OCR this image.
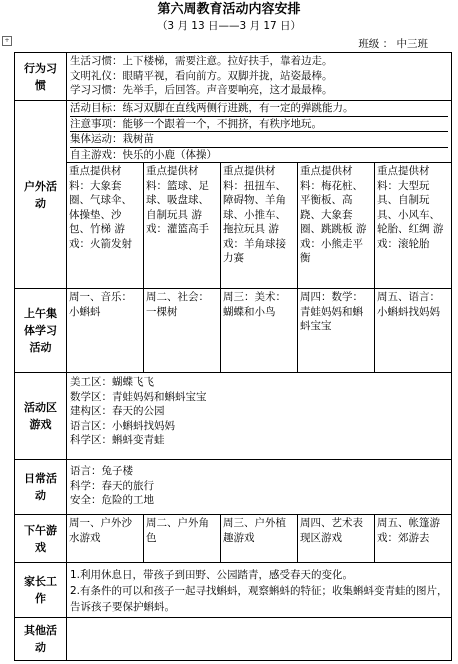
第六周教育活动内容安排
（3 月 13 日——3 月 17 日）
+	班级 ： 中三班
行为习惯

生活习惯：上下楼梯，需要注意。拉好扶手，靠着边走。

文明礼仪：眼睛平视，看向前方。双脚并拢，站姿最棒。

学习习惯：先举手，后回答。声音要响亮，这才最最棒。

户外活动

活动目标：练习双脚在直线两侧行进跳，有一定的弹跳能力。

注意事项：能够一个跟着一个，不拥挤，有秩序地玩。

集体运动：栽树苗

自主游戏：快乐的小鹿（体操）

重点提供材料：大象套圈、气球伞、体操垫、沙包、竹梯 游戏：火箭发射
重点提供材料：篮球、足球、吸盘球、自制玩具 游戏：灌篮高手
重点提供材料：扭扭车、障碍物、羊角球、小推车、拖拉玩具 游戏：羊角球接力赛
重点提供材料：梅花桩、平衡板、高跷、大象套圈、跳跳板 游戏：小熊走平衡
重点提供材料：大型玩具、自制玩具、小风车、轮胎、红绸 游戏：滚轮胎
上午集体学习活动
周一、音乐：小蝌蚪
周二、社会：一棵树
周三：美术：蝴蝶和小鸟
周四：数学：青蛙妈妈和蝌蚪宝宝
周五、语言：小蝌蚪找妈妈
活动区游戏

美工区：蝴蝶飞飞

数学区：青蛙妈妈和蝌蚪宝宝

建构区：春天的公园

语言区：小蝌蚪找妈妈

科学区：蝌蚪变青蛙

日常活动

语言：兔子楼

科学：春天的旅行

安全：危险的工地

下午游戏
周一、户外沙水游戏
周二、户外角色
周三、户外植趣游戏
周四、艺术表现区游戏
周五、帐篷游戏：郊游去
家长工作

1.利用休息日，带孩子到田野、公园踏青，感受春天的变化。

2.有条件的可以和孩子一起寻找蝌蚪，观察蝌蚪的特征；收集蝌蚪变青蛙的图片，告诉孩子要保护蝌蚪。

其他活动
